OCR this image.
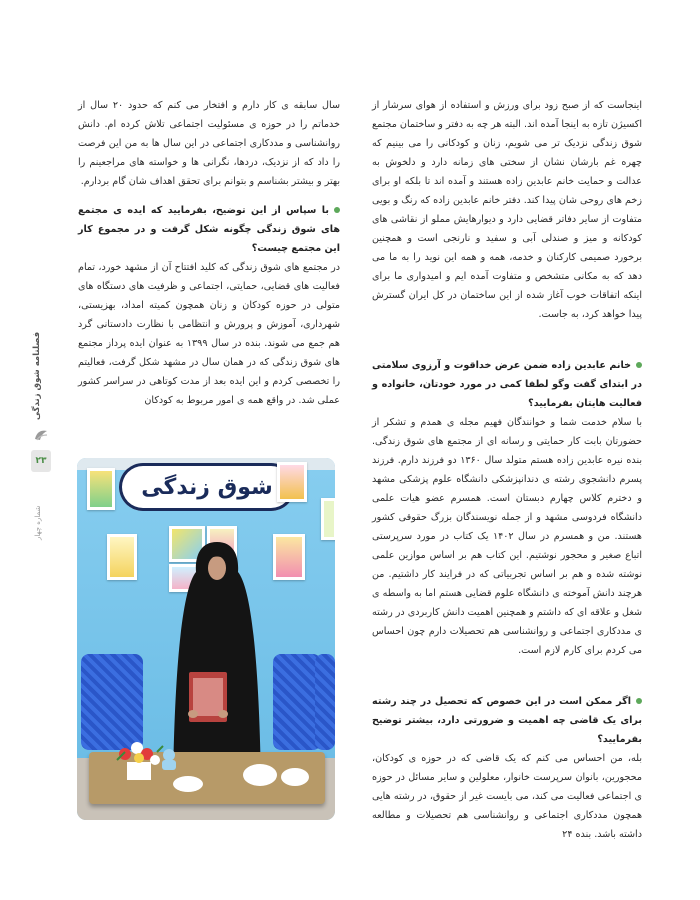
اینجاست که از صبح زود برای ورزش و استفاده از هوای سرشار از اکسیژن تازه به اینجا آمده اند. البته هر چه به دفتر و ساختمان مجتمع شوق زندگی نزدیک تر می شویم، زنان و کودکانی را می بینیم که چهره غم بارشان نشان از سختی های زمانه دارد و دلخوش به عدالت و حمایت خانم عابدین زاده هستند و آمده اند تا بلکه او برای زخم های روحی شان پیدا کند. دفتر خانم عابدین زاده که رنگ و بویی متفاوت از سایر دفاتر قضایی دارد و دیوارهایش مملو از نقاشی های کودکانه و میز و صندلی آبی و سفید و نارنجی است و همچنین برخورد صمیمی کارکنان و خدمه، همه و همه این نوید را به ما می دهد که به مکانی متشخص و متفاوت آمده ایم و امیدواری ما برای اینکه اتفاقات خوب آغاز شده از این ساختمان در کل ایران گسترش پیدا خواهد کرد، به جاست.

خانم عابدین زاده ضمن عرض خداقوت و آرزوی سلامتی در ابتدای گفت وگو لطفا کمی در مورد خودتان، خانواده و فعالیت هایتان بفرمایید؟

با سلام خدمت شما و خوانندگان فهیم مجله ی همدم و تشکر از حضورتان بابت کار حمایتی و رسانه ای از مجتمع های شوق زندگی. بنده نیره عابدین زاده هستم متولد سال ۱۳۶۰ دو فرزند دارم. فرزند پسرم دانشجوی رشته ی دندانپزشکی دانشگاه علوم پزشکی مشهد و دخترم کلاس چهارم دبستان است. همسرم عضو هیات علمی دانشگاه فردوسی مشهد و از جمله نویسندگان بزرگ حقوقی کشور هستند. من و همسرم در سال ۱۴۰۲ یک کتاب در مورد سرپرستی اتباع صغیر و محجور نوشتیم. این کتاب هم بر اساس موازین علمی نوشته شده و هم بر اساس تجربیاتی که در فرایند کار داشتیم. من هرچند دانش آموخته ی دانشگاه علوم قضایی هستم اما به واسطه ی شغل و علاقه ای که داشتم و همچنین اهمیت دانش کاربردی در رشته ی مددکاری اجتماعی و روانشناسی هم تحصیلات دارم چون احساس می کردم برای کارم لازم است.

اگر ممکن است در این خصوص که تحصیل در چند رشته برای یک قاضی چه اهمیت و ضرورتی دارد، بیشتر توضیح بفرمایید؟

بله، من احساس می کنم که یک قاضی که در حوزه ی کودکان، محجورین، بانوان سرپرست خانوار، معلولین و سایر مسائل در حوزه ی اجتماعی فعالیت می کند، می بایست غیر از حقوق، در رشته هایی همچون مددکاری اجتماعی و روانشناسی هم تحصیلات و مطالعه داشته باشد. بنده ۲۴

سال سابقه ی کار دارم و افتخار می کنم که حدود ۲۰ سال از خدماتم را در حوزه ی مسئولیت اجتماعی تلاش کرده ام. دانش روانشناسی و مددکاری اجتماعی در این سال ها به من این فرصت را داد که از نزدیک، دردها، نگرانی ها و خواسته های مراجعینم را بهتر و بیشتر بشناسم و بتوانم برای تحقق اهداف شان گام بردارم.

با سپاس از این توضیح، بفرمایید که ایده ی مجتمع های شوق زندگی چگونه شکل گرفت و در مجموع کار این مجتمع چیست؟

در مجتمع های شوق زندگی که کلید افتتاح آن از مشهد خورد، تمام فعالیت های قضایی، حمایتی، اجتماعی و ظرفیت های دستگاه های متولی در حوزه کودکان و زنان همچون کمیته امداد، بهزیستی، شهرداری، آموزش و پرورش و انتظامی با نظارت دادستانی گرد هم جمع می شوند. بنده در سال ۱۳۹۹ به عنوان ایده پرداز مجتمع های شوق زندگی که در همان سال در مشهد شکل گرفت، فعالیتم را تخصصی کردم و این ایده بعد از مدت کوتاهی در سراسر کشور عملی شد. در واقع همه ی امور مربوط به کودکان

فصلنامه شوق زندگی
۲۳
شماره چهار
شوق زندگی
